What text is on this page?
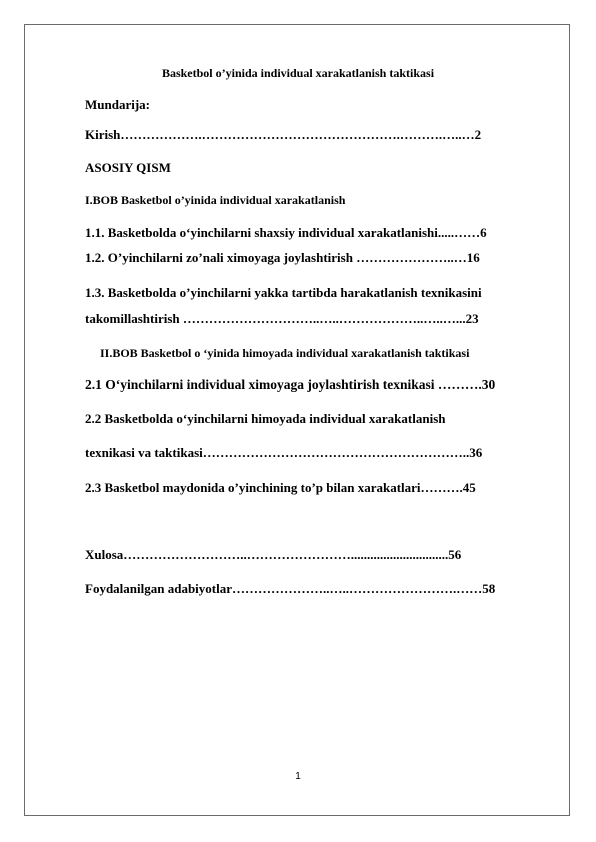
Basketbol o’yinida individual xarakatlanish taktikasi
Mundarija:
Kirish……………….……………………………………….……….…..…2
ASOSIY QISM
I.BOB Basketbol o’yinida individual xarakatlanish
1.1. Basketbolda o‘yinchilarni shaxsiy individual xarakatlanishi.....……6
1.2. O’yinchilarni zo’nali ximoyaga joylashtirish …………………..…16
1.3. Basketbolda o’yinchilarni yakka tartibda harakatlanish texnikasini
takomillashtirish …………………………..…..………………..…..…...23
II.BOB Basketbol o ‘yinida himoyada individual xarakatlanish taktikasi
2.1 O‘yinchilarni individual ximoyaga joylashtirish texnikasi ……….30
2.2 Basketbolda o‘yinchilarni himoyada individual xarakatlanish
texnikasi va taktikasi……………………………………………………..36
2.3 Basketbol maydonida o’yinchining to’p bilan xarakatlari……….45
Xulosa………………………..……………………..............................56
Foydalanilgan adabiyotlar…………………..…..…………………….……58
1
